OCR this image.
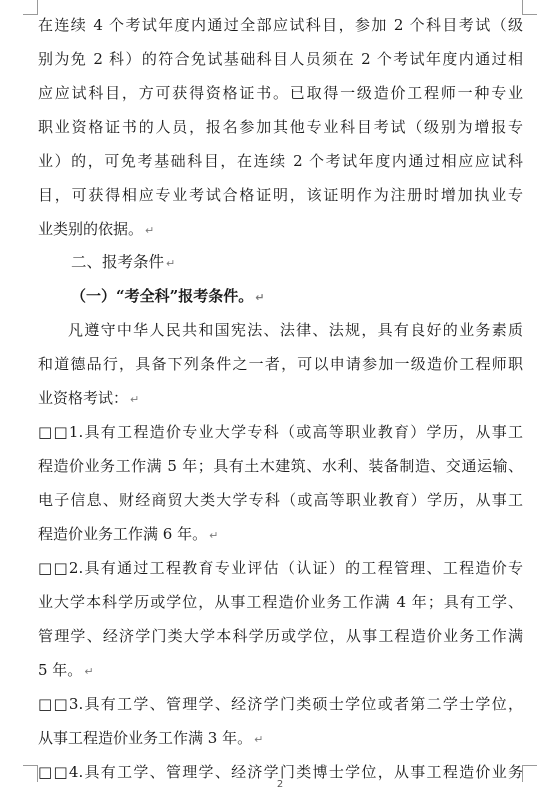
在连续 4 个考试年度内通过全部应试科目，参加 2 个科目考试（级
别为免 2 科）的符合免试基础科目人员须在 2 个考试年度内通过相
应应试科目，方可获得资格证书。已取得一级造价工程师一种专业
职业资格证书的人员，报名参加其他专业科目考试（级别为增报专
业）的，可免考基础科目，在连续 2 个考试年度内通过相应应试科
目，可获得相应专业考试合格证明，该证明作为注册时增加执业专
业类别的依据。 ↵
二、报考条件 ↵
（一）“考全科”报考条件。 ↵
凡遵守中华人民共和国宪法、法律、法规，具有良好的业务素质
和道德品行，具备下列条件之一者，可以申请参加一级造价工程师职
业资格考试： ↵
□□1.具有工程造价专业大学专科（或高等职业教育）学历，从事工
程造价业务工作满 5 年；具有土木建筑、水利、装备制造、交通运输、
电子信息、财经商贸大类大学专科（或高等职业教育）学历，从事工
程造价业务工作满 6 年。 ↵
□□2.具有通过工程教育专业评估（认证）的工程管理、工程造价专
业大学本科学历或学位，从事工程造价业务工作满 4 年；具有工学、
管理学、经济学门类大学本科学历或学位，从事工程造价业务工作满
5 年。 ↵
□□3.具有工学、管理学、经济学门类硕士学位或者第二学士学位，
从事工程造价业务工作满 3 年。 ↵
□□4.具有工学、管理学、经济学门类博士学位，从事工程造价业务
2
